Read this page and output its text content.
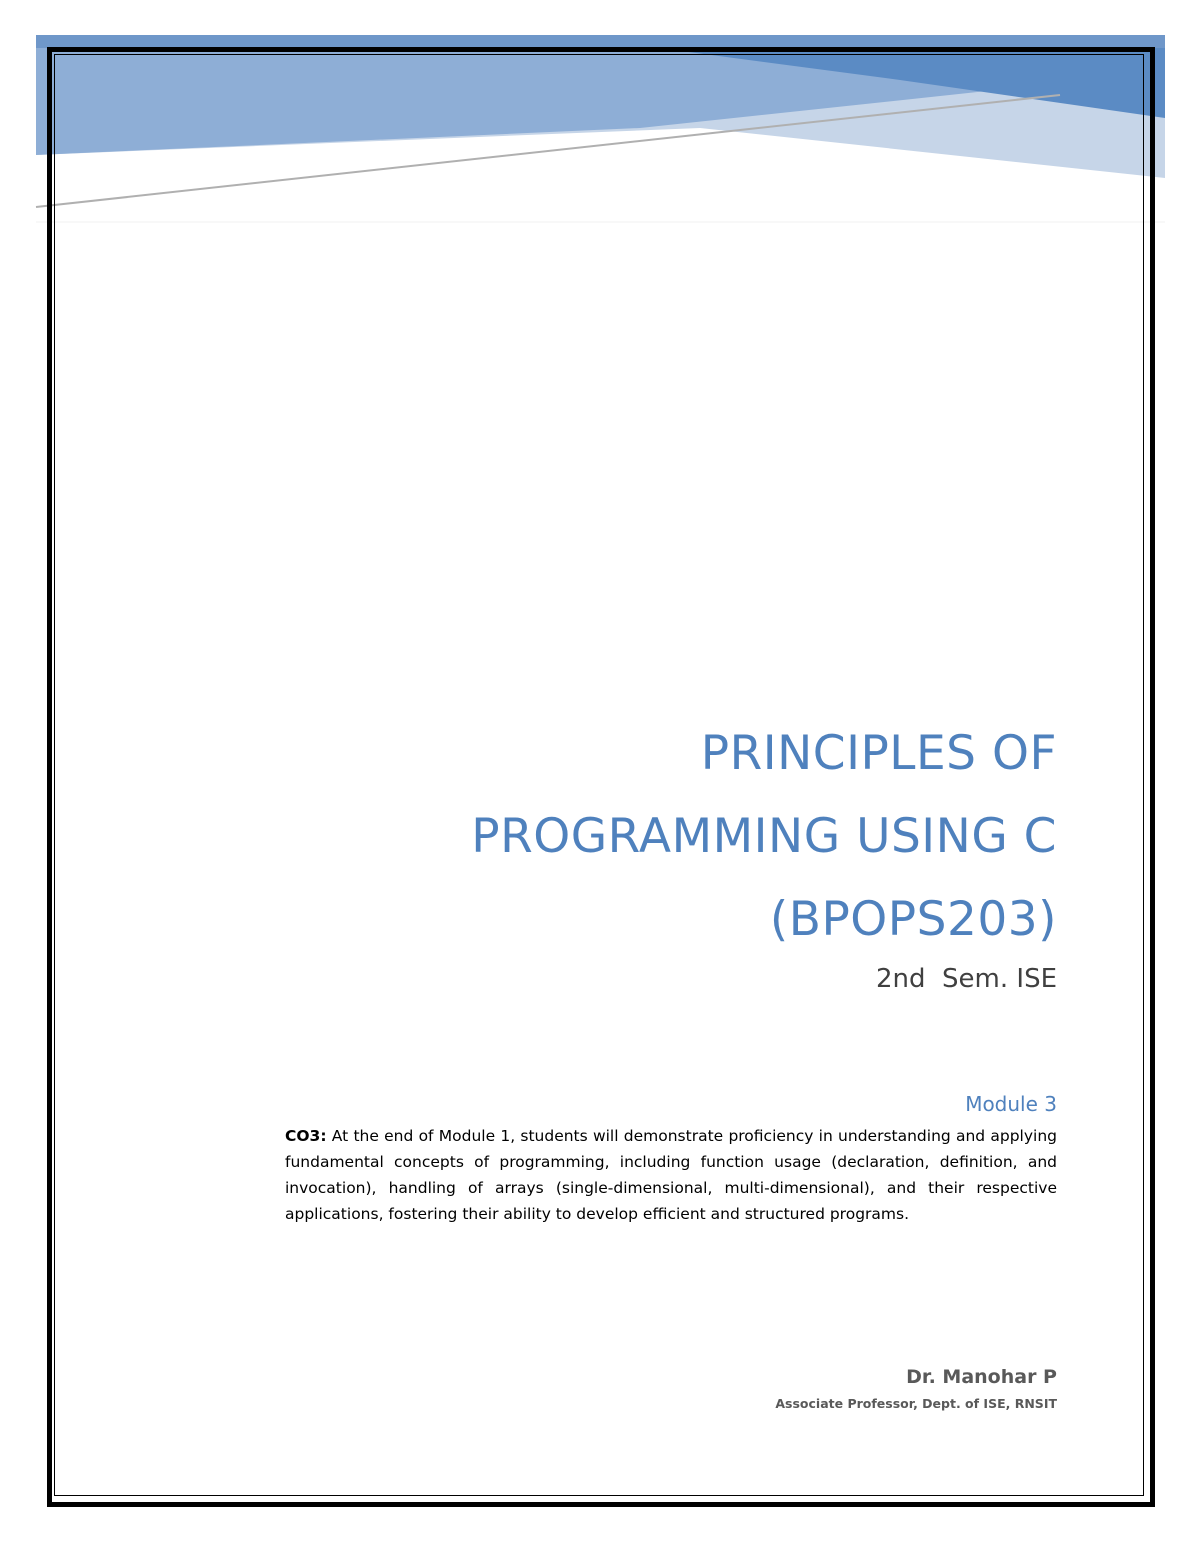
PRINCIPLES OF

PROGRAMMING USING C

(BPOPS203)

2nd  Sem. ISE
Module 3

CO3: At the end of Module 1, students will demonstrate proficiency in understanding and applying fundamental concepts of programming, including function usage (declaration, definition, and invocation), handling of arrays (single-dimensional, multi-dimensional), and their respective applications, fostering their ability to develop efficient and structured programs.

Dr. Manohar P
Associate Professor, Dept. of ISE, RNSIT
